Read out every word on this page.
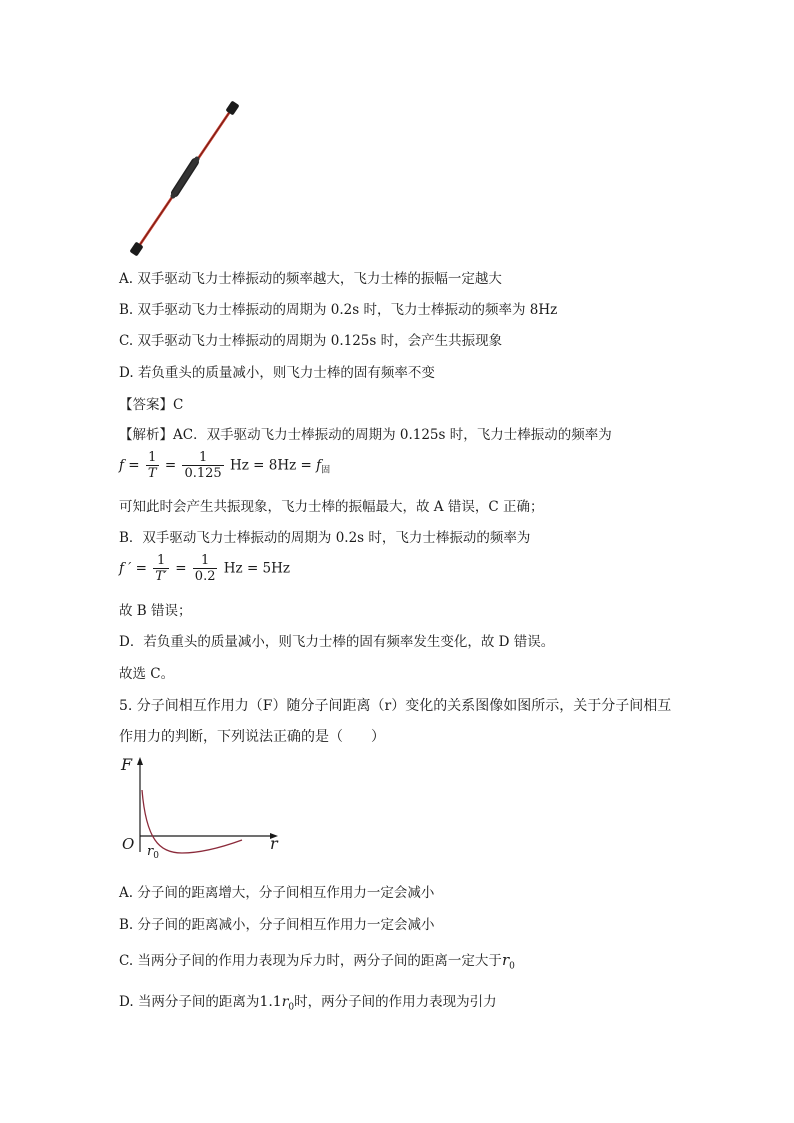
A. 双手驱动飞力士棒振动的频率越大，飞力士棒的振幅一定越大
B. 双手驱动飞力士棒振动的周期为 0.2s 时，飞力士棒振动的频率为 8Hz
C. 双手驱动飞力士棒振动的周期为 0.125s 时，会产生共振现象
D. 若负重头的质量减小，则飞力士棒的固有频率不变
【答案】C
【解析】AC．双手驱动飞力士棒振动的周期为 0.125s 时，飞力士棒振动的频率为
$f = \frac{1}{T} = \frac{1}{0.125}$ $Hz = 8Hz = f_固$
可知此时会产生共振现象，飞力士棒的振幅最大，故 A 错误，C 正确；
B．双手驱动飞力士棒振动的周期为 0.2s 时，飞力士棒振动的频率为
f ′ = $\frac{1}{T'} = \frac{1}{0.2}$ Hz = 5Hz
故 B 错误；
D．若负重头的质量减小，则飞力士棒的固有频率发生变化，故 D 错误。
故选 C。
5. 分子间相互作用力（F）随分子间距离（r）变化的关系图像如图所示，关于分子间相互
作用力的判断，下列说法正确的是（　　）
F
r
O $r_0$
A. 分子间的距离增大，分子间相互作用力一定会减小
B. 分子间的距离减小，分子间相互作用力一定会减小
C. 当两分子间的作用力表现为斥力时，两分子间的距离一定大于$r_0$
D. 当两分子间的距离为$1.1r_0$时，两分子间的作用力表现为引力
